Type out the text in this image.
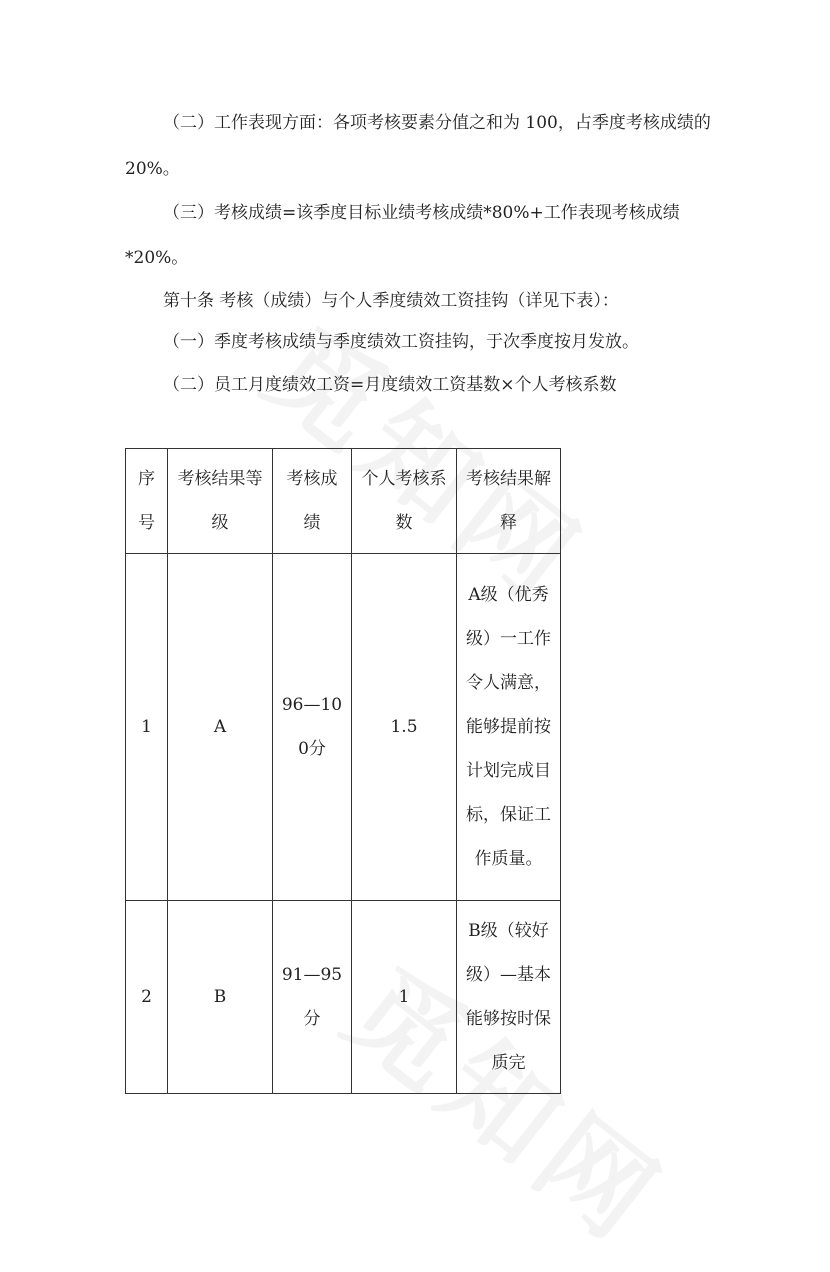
（二）工作表现方面：各项考核要素分值之和为 100，占季度考核成绩的
20%。
（三）考核成绩=该季度目标业绩考核成绩*80%+工作表现考核成绩
*20%。
第十条 考核（成绩）与个人季度绩效工资挂钩（详见下表）：
（一）季度考核成绩与季度绩效工资挂钩，于次季度按月发放。
（二）员工月度绩效工资=月度绩效工资基数×个人考核系数
序号	考核结果等级	考核成绩	个人考核系数	考核结果解释
1	A	96—100分	1.5	A级（优秀级）一工作令人满意，能够提前按计划完成目标，保证工作质量。
2	B	91—95分	1	B级（较好级）—基本能够按时保质完
